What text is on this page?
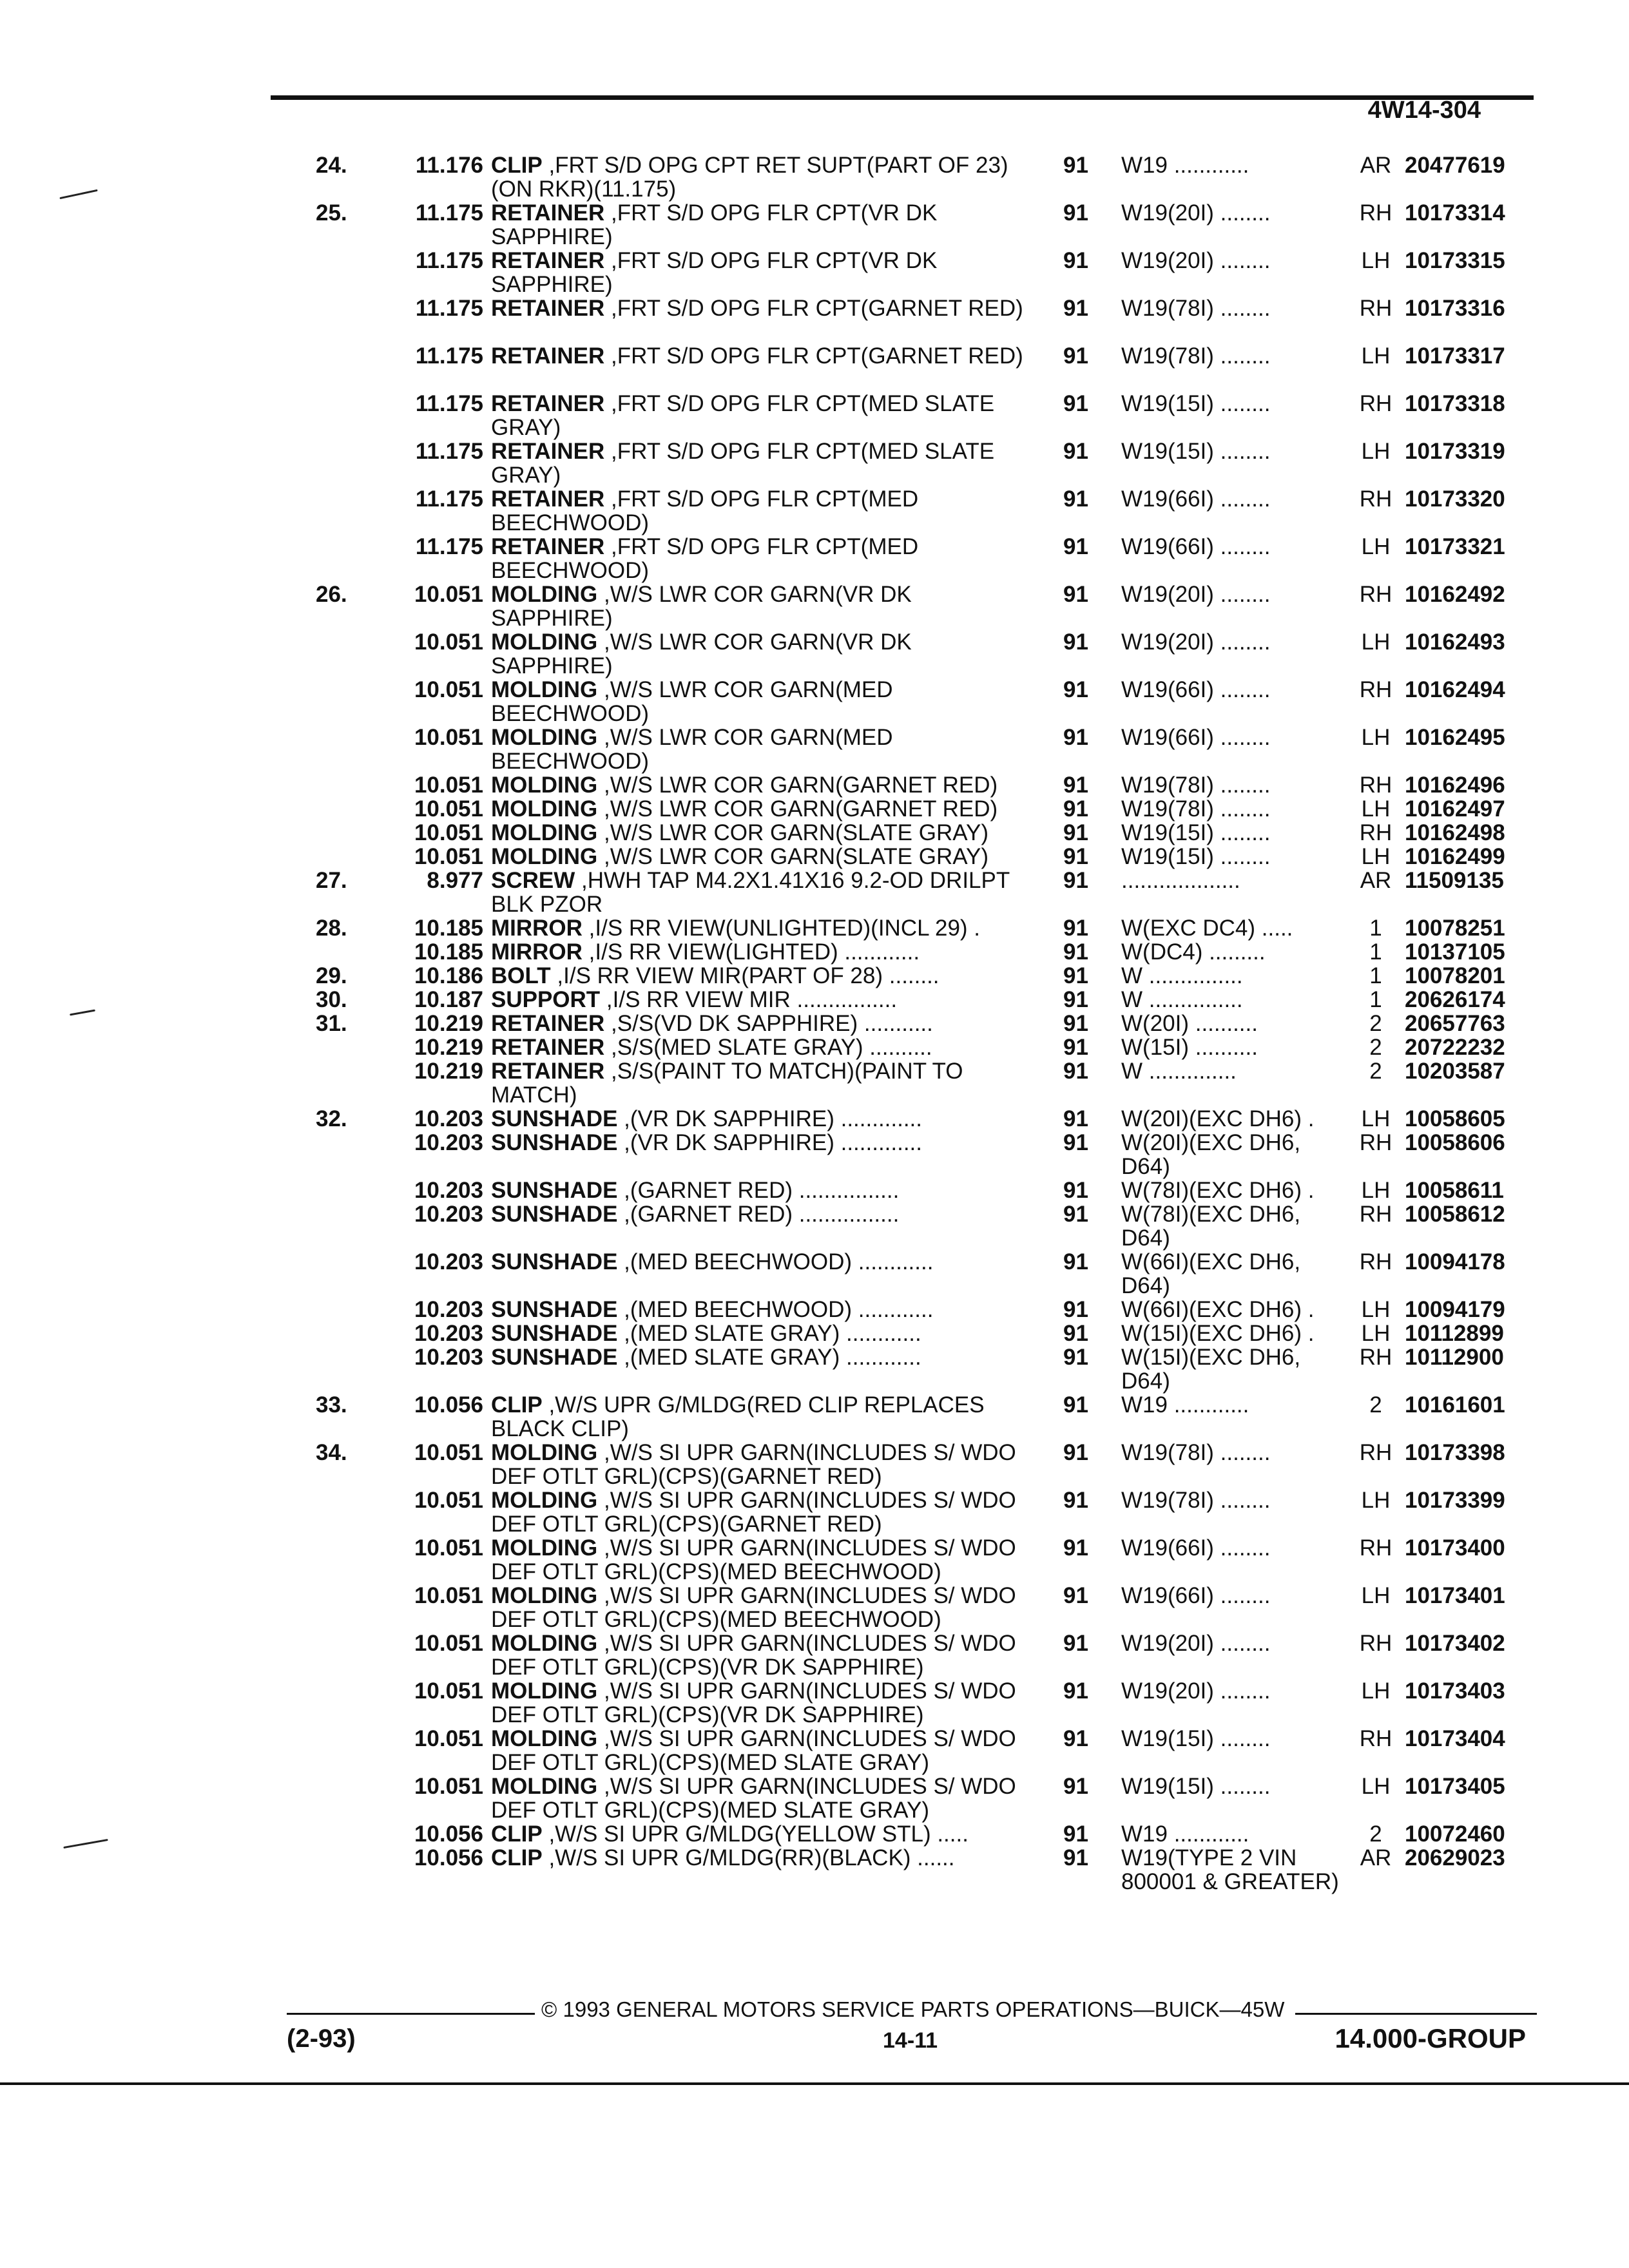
4W14-304
24.	11.176 CLIP ,FRT S/D OPG CPT RET SUPT(PART OF 23) (ON RKR)(11.175)
91	W19 ............	AR 20477619
25.	11.175 RETAINER ,FRT S/D OPG FLR CPT(VR DK SAPPHIRE)
91	W19(20I) ........	RH 10173314
11.175 RETAINER ,FRT S/D OPG FLR CPT(VR DK SAPPHIRE)
91	W19(20I) ........	LH 10173315
11.175 RETAINER ,FRT S/D OPG FLR CPT(GARNET RED) 91	W19(78I) ........	RH 10173316
11.175 RETAINER ,FRT S/D OPG FLR CPT(GARNET RED) 91	W19(78I) ........	LH 10173317
11.175 RETAINER ,FRT S/D OPG FLR CPT(MED SLATE GRAY)
91	W19(15I) ........	RH 10173318
11.175 RETAINER ,FRT S/D OPG FLR CPT(MED SLATE GRAY)
91	W19(15I) ........	LH 10173319
11.175 RETAINER ,FRT S/D OPG FLR CPT(MED BEECHWOOD)
91	W19(66I) ........	RH 10173320
11.175 RETAINER ,FRT S/D OPG FLR CPT(MED BEECHWOOD)
91	W19(66I) ........	LH 10173321
26.	10.051 MOLDING ,W/S LWR COR GARN(VR DK SAPPHIRE)
91	W19(20I) ........	RH 10162492
10.051 MOLDING ,W/S LWR COR GARN(VR DK SAPPHIRE)
91	W19(20I) ........	LH 10162493
10.051 MOLDING ,W/S LWR COR GARN(MED BEECHWOOD)
91	W19(66I) ........	RH 10162494
10.051 MOLDING ,W/S LWR COR GARN(MED BEECHWOOD)
91	W19(66I) ........	LH 10162495
10.051 MOLDING ,W/S LWR COR GARN(GARNET RED)	91	W19(78I) ........	RH 10162496
10.051 MOLDING ,W/S LWR COR GARN(GARNET RED)	91	W19(78I) ........	LH 10162497
10.051 MOLDING ,W/S LWR COR GARN(SLATE GRAY)	91	W19(15I) ........	RH 10162498
10.051 MOLDING ,W/S LWR COR GARN(SLATE GRAY)	91	W19(15I) ........	LH 10162499
27.	8.977 SCREW ,HWH TAP M4.2X1.41X16 9.2-OD DRILPT BLK PZOR
91	...................	AR 11509135
28.	10.185 MIRROR ,I/S RR VIEW(UNLIGHTED)(INCL 29) .	91	W(EXC DC4) .....	1	10078251
10.185 MIRROR ,I/S RR VIEW(LIGHTED) ............	91	W(DC4) .........	1	10137105
29.	10.186 BOLT ,I/S RR VIEW MIR(PART OF 28) ........	91	W ...............	1	10078201
30.	10.187 SUPPORT ,I/S RR VIEW MIR ................	91	W ...............	1	20626174
31.	10.219 RETAINER ,S/S(VD DK SAPPHIRE) ...........	91	W(20I) ..........	2	20657763
10.219 RETAINER ,S/S(MED SLATE GRAY) ..........	91	W(15I) ..........	2	20722232
10.219 RETAINER ,S/S(PAINT TO MATCH)(PAINT TO MATCH)
91	W ..............	2	10203587
32.	10.203 SUNSHADE ,(VR DK SAPPHIRE) .............	91	W(20I)(EXC DH6) .	LH 10058605
10.203 SUNSHADE ,(VR DK SAPPHIRE) .............	91	W(20I)(EXC DH6, D64)
RH 10058606
10.203 SUNSHADE ,(GARNET RED) ................	91	W(78I)(EXC DH6) .	LH 10058611
10.203 SUNSHADE ,(GARNET RED) ................	91	W(78I)(EXC DH6, D64)
RH 10058612
10.203 SUNSHADE ,(MED BEECHWOOD) ............	91	W(66I)(EXC DH6, D64)
RH 10094178
10.203 SUNSHADE ,(MED BEECHWOOD) ............	91	W(66I)(EXC DH6) .	LH 10094179
10.203 SUNSHADE ,(MED SLATE GRAY) ............	91	W(15I)(EXC DH6) .	LH 10112899
10.203 SUNSHADE ,(MED SLATE GRAY) ............	91	W(15I)(EXC DH6, D64)
RH 10112900
33.	10.056 CLIP ,W/S UPR G/MLDG(RED CLIP REPLACES BLACK CLIP)
91	W19 ............	2	10161601
34.	10.051 MOLDING ,W/S SI UPR GARN(INCLUDES S/ WDO DEF OTLT GRL)(CPS)(GARNET RED)
91	W19(78I) ........	RH 10173398
10.051 MOLDING ,W/S SI UPR GARN(INCLUDES S/ WDO DEF OTLT GRL)(CPS)(GARNET RED)
91	W19(78I) ........	LH 10173399
10.051 MOLDING ,W/S SI UPR GARN(INCLUDES S/ WDO DEF OTLT GRL)(CPS)(MED BEECHWOOD)
91	W19(66I) ........	RH 10173400
10.051 MOLDING ,W/S SI UPR GARN(INCLUDES S/ WDO DEF OTLT GRL)(CPS)(MED BEECHWOOD)
91	W19(66I) ........	LH 10173401
10.051 MOLDING ,W/S SI UPR GARN(INCLUDES S/ WDO DEF OTLT GRL)(CPS)(VR DK SAPPHIRE)
91	W19(20I) ........	RH 10173402
10.051 MOLDING ,W/S SI UPR GARN(INCLUDES S/ WDO DEF OTLT GRL)(CPS)(VR DK SAPPHIRE)
91	W19(20I) ........	LH 10173403
10.051 MOLDING ,W/S SI UPR GARN(INCLUDES S/ WDO DEF OTLT GRL)(CPS)(MED SLATE GRAY)
91	W19(15I) ........	RH 10173404
10.051 MOLDING ,W/S SI UPR GARN(INCLUDES S/ WDO DEF OTLT GRL)(CPS)(MED SLATE GRAY)
91	W19(15I) ........	LH 10173405
10.056 CLIP ,W/S SI UPR G/MLDG(YELLOW STL) .....	91	W19 ............	2	10072460
10.056 CLIP ,W/S SI UPR G/MLDG(RR)(BLACK) ......	91	W19(TYPE 2 VIN 800001 & GREATER)
AR 20629023
© 1993 GENERAL MOTORS SERVICE PARTS OPERATIONS—BUICK—45W
(2-93)	14-11	14.000-GROUP
